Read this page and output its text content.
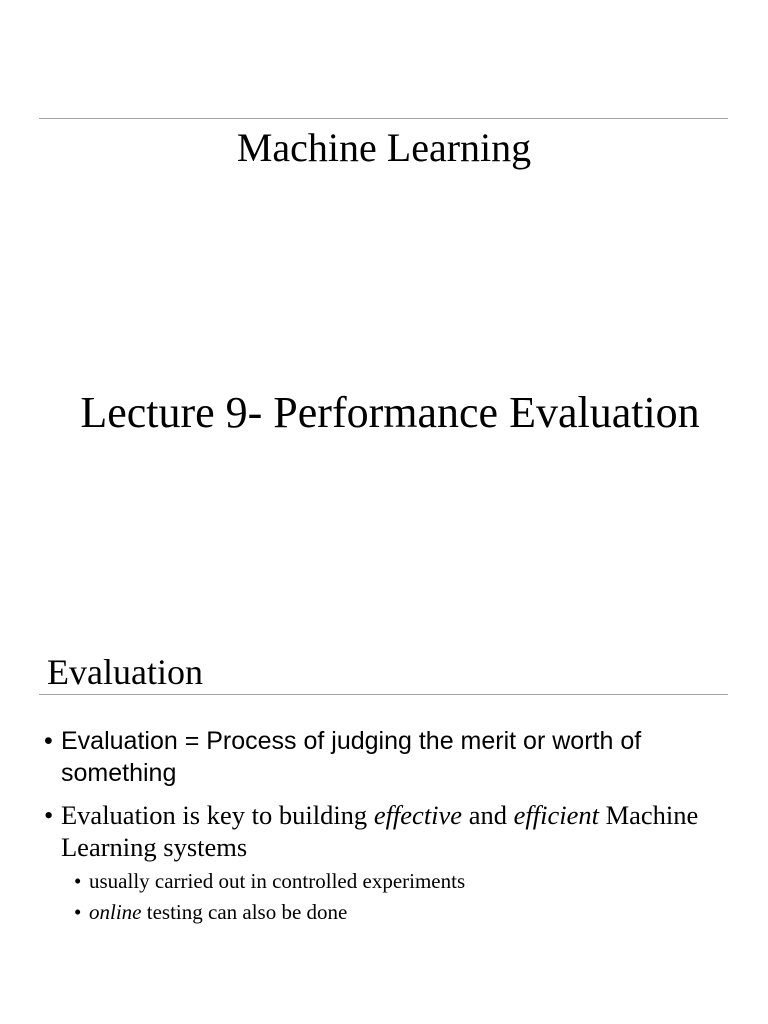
Machine Learning
Lecture 9- Performance Evaluation
Evaluation
• Evaluation = Process of judging the merit or worth of something
• Evaluation is key to building effective and efficient Machine Learning systems
• usually carried out in controlled experiments
• online testing can also be done
